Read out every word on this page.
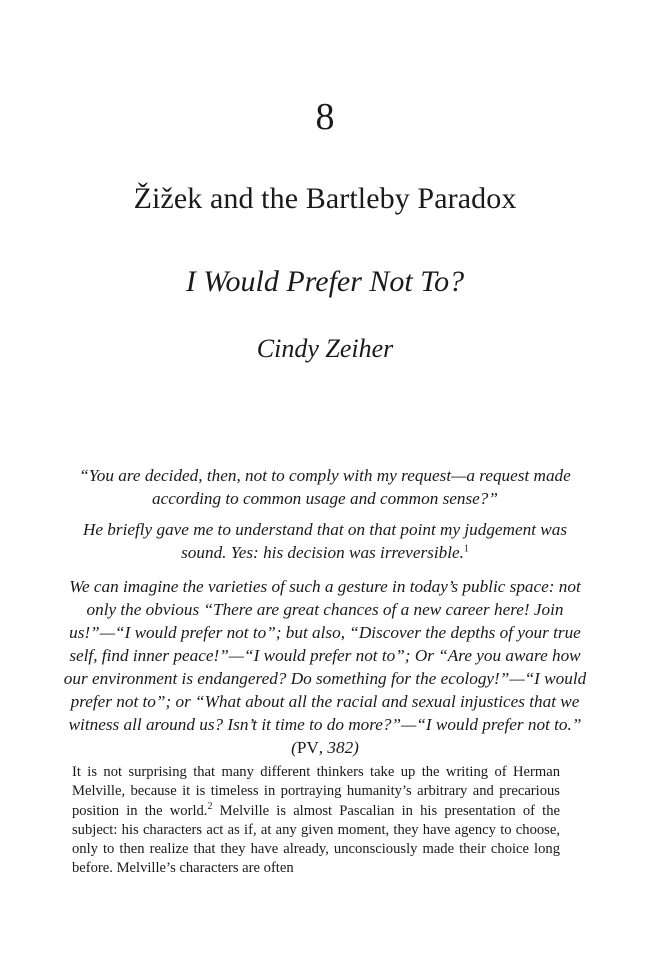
8
Žižek and the Bartleby Paradox
I Would Prefer Not To?
Cindy Zeiher
“You are decided, then, not to comply with my request—a request made according to common usage and common sense?”
He briefly gave me to understand that on that point my judgement was sound. Yes: his decision was irreversible.$^1$
We can imagine the varieties of such a gesture in today’s public space: not only the obvious “There are great chances of a new career here! Join us!”—“I would prefer not to”; but also, “Discover the depths of your true self, find inner peace!”—“I would prefer not to”; Or “Are you aware how our environment is endangered? Do something for the ecology!”—“I would prefer not to”; or “What about all the racial and sexual injustices that we witness all around us? Isn’t it time to do more?”—“I would prefer not to.” (PV, 382)
It is not surprising that many different thinkers take up the writing of Herman Melville, because it is timeless in portraying humanity’s arbitrary and precarious position in the world.$^2$ Melville is almost Pascalian in his presentation of the subject: his characters act as if, at any given moment, they have agency to choose, only to then realize that they have already, unconsciously made their choice long before. Melville’s characters are often
